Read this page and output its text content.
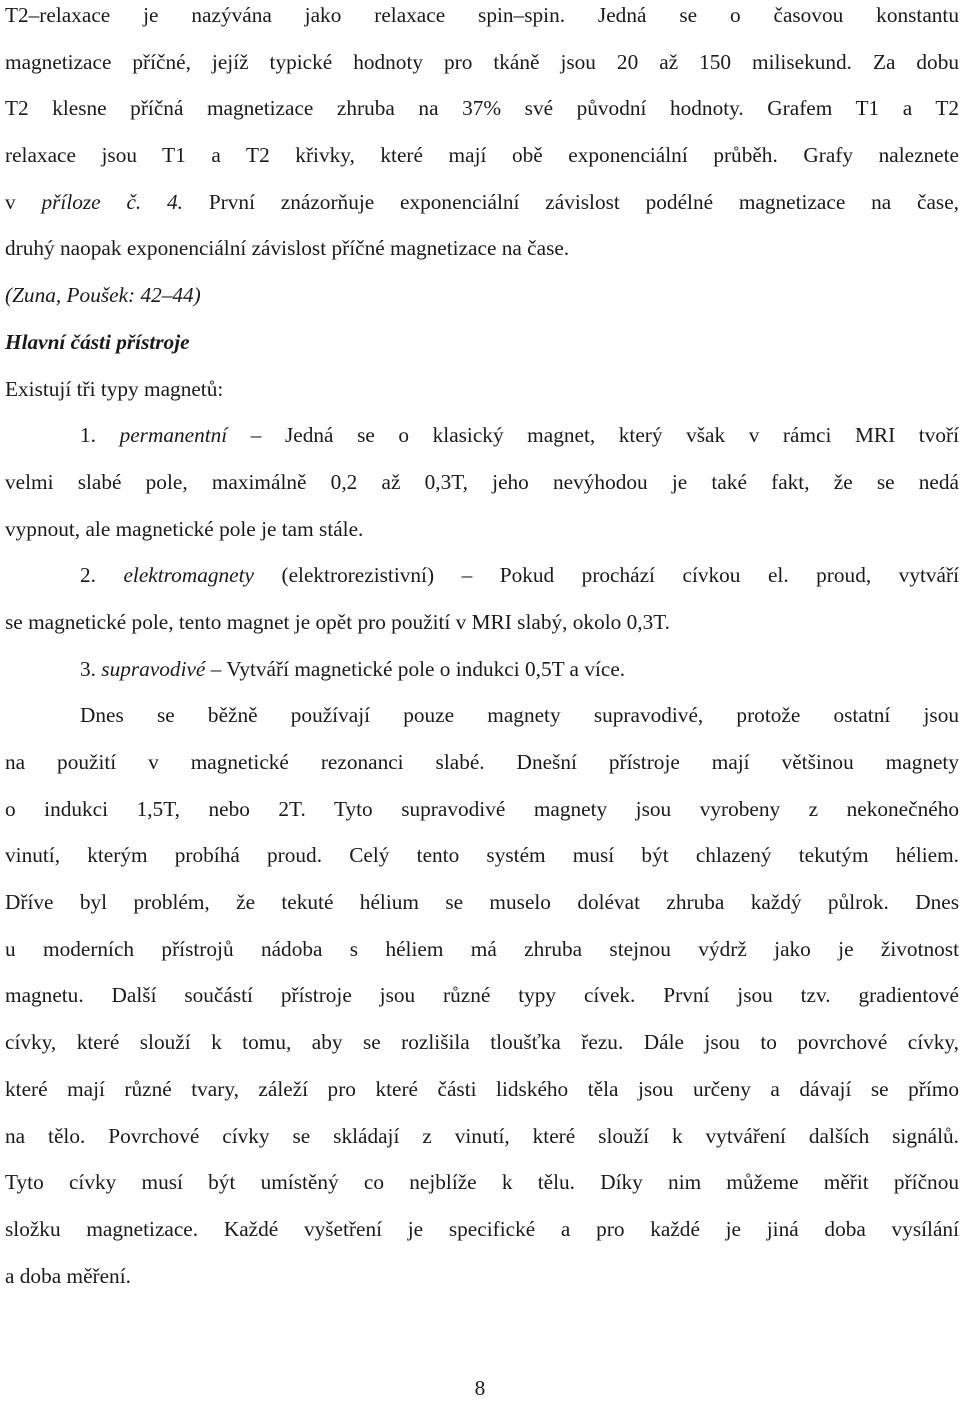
T2–relaxace je nazývána jako relaxace spin–spin. Jedná se o časovou konstantu
magnetizace příčné, jejíž typické hodnoty pro tkáně jsou 20 až 150 milisekund. Za dobu
T2 klesne příčná magnetizace zhruba na 37% své původní hodnoty. Grafem T1 a T2
relaxace jsou T1 a T2 křivky, které mají obě exponenciální průběh. Grafy naleznete
v příloze č. 4. První znázorňuje exponenciální závislost podélné magnetizace na čase,
druhý naopak exponenciální závislost příčné magnetizace na čase.
(Zuna, Poušek: 42–44)
Hlavní části přístroje
Existují tři typy magnetů:
1. permanentní – Jedná se o klasický magnet, který však v rámci MRI tvoří
velmi slabé pole, maximálně 0,2 až 0,3T, jeho nevýhodou je také fakt, že se nedá
vypnout, ale magnetické pole je tam stále.
2. elektromagnety (elektrorezistivní) – Pokud prochází cívkou el. proud, vytváří
se magnetické pole, tento magnet je opět pro použití v MRI slabý, okolo 0,3T.
3. supravodivé – Vytváří magnetické pole o indukci 0,5T a více.
Dnes se běžně používají pouze magnety supravodivé, protože ostatní jsou
na použití v magnetické rezonanci slabé. Dnešní přístroje mají většinou magnety
o indukci 1,5T, nebo 2T. Tyto supravodivé magnety jsou vyrobeny z nekonečného
vinutí, kterým probíhá proud. Celý tento systém musí být chlazený tekutým héliem.
Dříve byl problém, že tekuté hélium se muselo dolévat zhruba každý půlrok. Dnes
u moderních přístrojů nádoba s héliem má zhruba stejnou výdrž jako je životnost
magnetu. Další součástí přístroje jsou různé typy cívek. První jsou tzv. gradientové
cívky, které slouží k tomu, aby se rozlišila tloušťka řezu. Dále jsou to povrchové cívky,
které mají různé tvary, záleží pro které části lidského těla jsou určeny a dávají se přímo
na tělo. Povrchové cívky se skládají z vinutí, které slouží k vytváření dalších signálů.
Tyto cívky musí být umístěný co nejblíže k tělu. Díky nim můžeme měřit příčnou
složku magnetizace. Každé vyšetření je specifické a pro každé je jiná doba vysílání
a doba měření.
8
